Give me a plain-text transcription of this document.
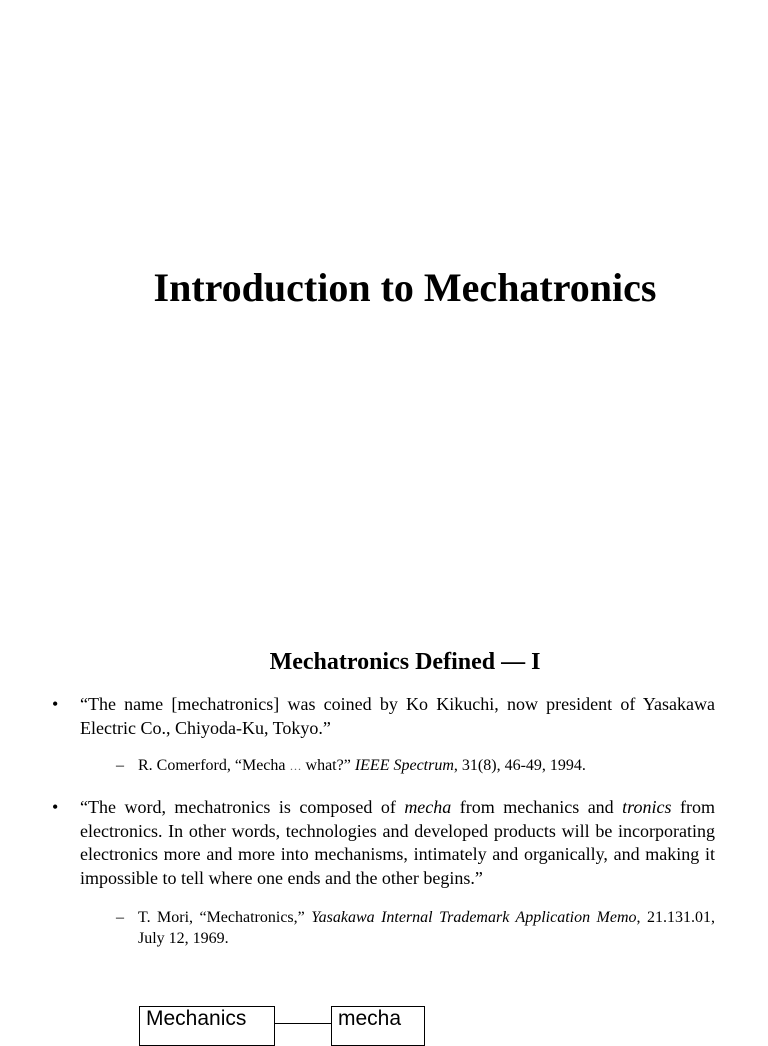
Introduction to Mechatronics
Mechatronics Defined — I
•	“The name [mechatronics] was coined by Ko Kikuchi, now president of Yasakawa Electric Co., Chiyoda-Ku, Tokyo.”
– R. Comerford, “Mecha … what?” IEEE Spectrum, 31(8), 46-49, 1994.
•	“The word, mechatronics is composed of mecha from mechanics and tronics from electronics. In other words, technologies and developed products will be incorporating electronics more and more into mechanisms, intimately and organically, and making it impossible to tell where one ends and the other begins.”
– T. Mori, “Mechatronics,” Yasakawa Internal Trademark Application Memo, 21.131.01, July 12, 1969.
Mechanics	mecha
